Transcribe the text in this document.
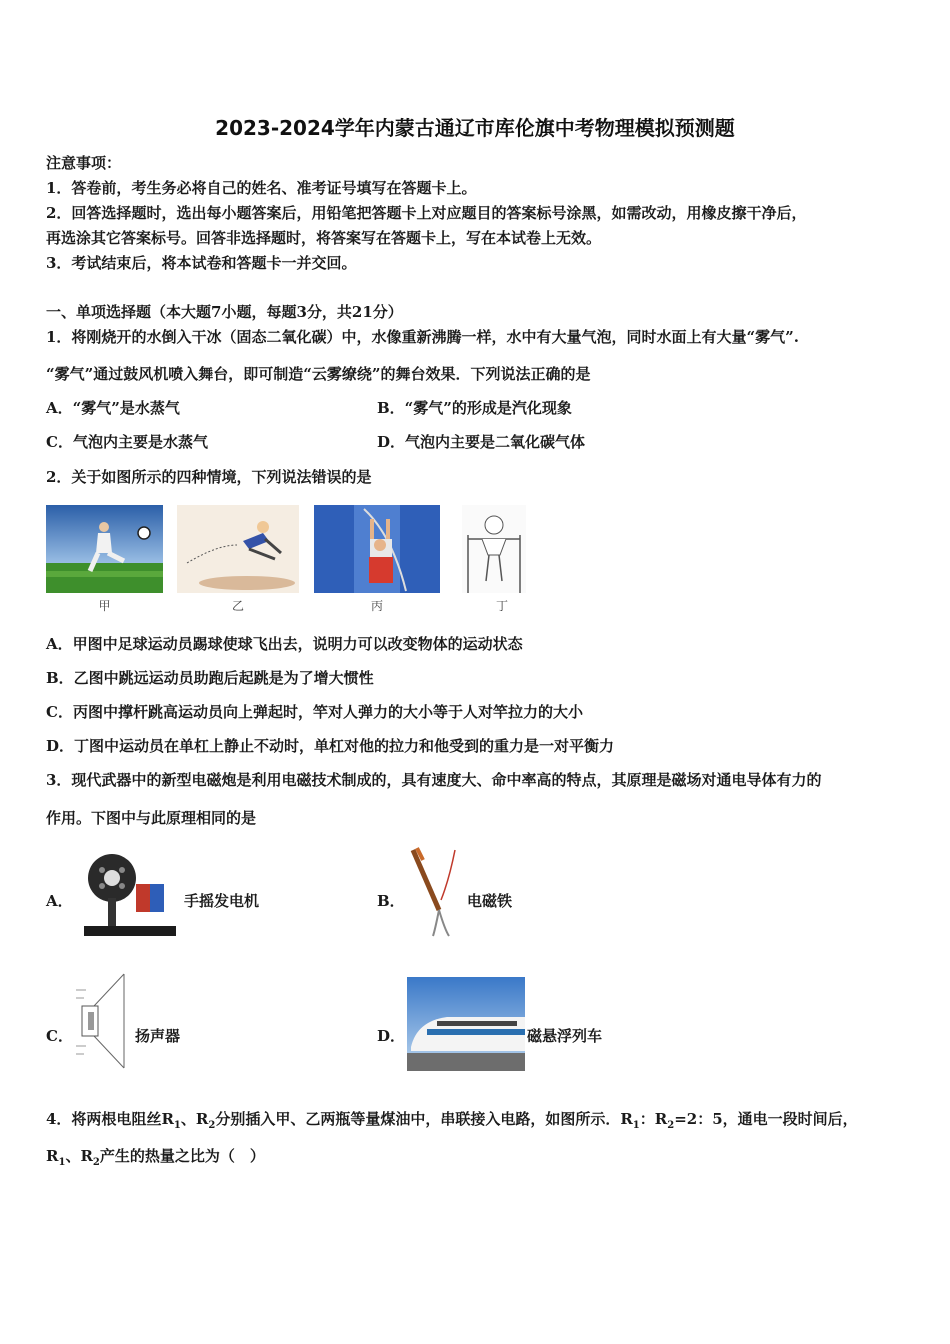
2023-2024学年内蒙古通辽市库伦旗中考物理模拟预测题
注意事项：
1．答卷前，考生务必将自己的姓名、准考证号填写在答题卡上。
2．回答选择题时，选出每小题答案后，用铅笔把答题卡上对应题目的答案标号涂黑，如需改动，用橡皮擦干净后，
再选涂其它答案标号。回答非选择题时，将答案写在答题卡上，写在本试卷上无效。
3．考试结束后，将本试卷和答题卡一并交回。
一、单项选择题（本大题7小题，每题3分，共21分）
1．将刚烧开的水倒入干冰（固态二氧化碳）中，水像重新沸腾一样，水中有大量气泡，同时水面上有大量“雾气”.
“雾气”通过鼓风机喷入舞台，即可制造“云雾缭绕”的舞台效果．下列说法正确的是
A．“雾气”是水蒸气	B．“雾气”的形成是汽化现象
C．气泡内主要是水蒸气	D．气泡内主要是二氧化碳气体
2．关于如图所示的四种情境，下列说法错误的是
甲	乙	丙	丁
A．甲图中足球运动员踢球使球飞出去，说明力可以改变物体的运动状态
B．乙图中跳远运动员助跑后起跳是为了增大惯性
C．丙图中撑杆跳高运动员向上弹起时，竿对人弹力的大小等于人对竿拉力的大小
D．丁图中运动员在单杠上静止不动时，单杠对他的拉力和他受到的重力是一对平衡力
3．现代武器中的新型电磁炮是利用电磁技术制成的，具有速度大、命中率高的特点，其原理是磁场对通电导体有力的
作用。下图中与此原理相同的是
A．	手摇发电机	B．	电磁铁
C．	扬声器	D．	磁悬浮列车
4．将两根电阻丝$R_1$、$R_2$分别插入甲、乙两瓶等量煤油中，串联接入电路，如图所示．$R_1$：$R_2=2$：5，通电一段时间后，
$R_1$、$R_2$产生的热量之比为（　）
